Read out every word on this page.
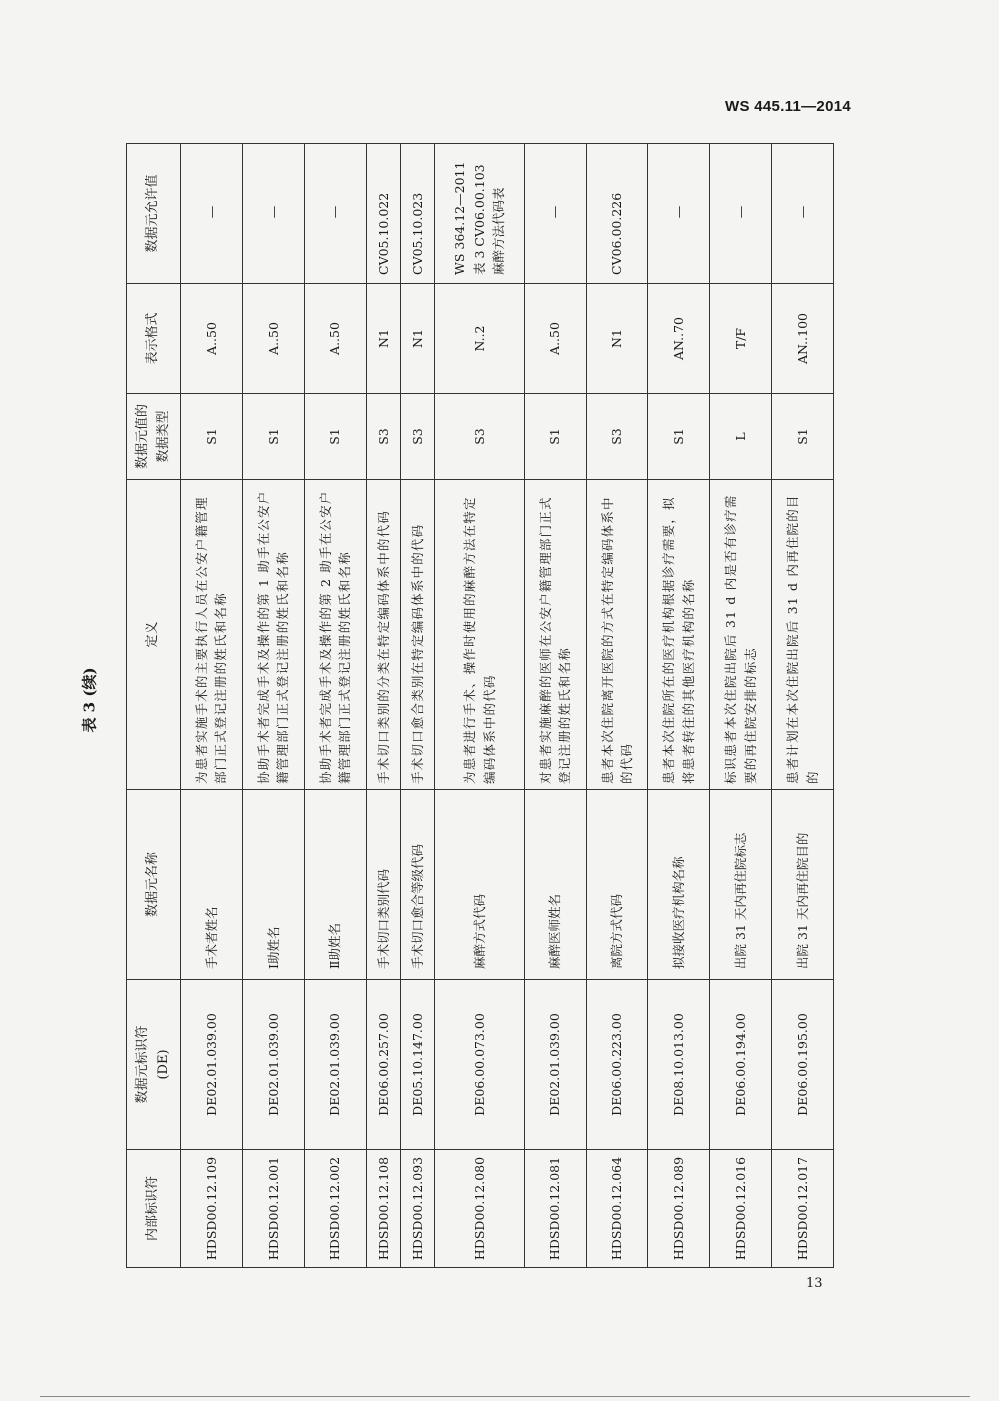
WS 445.11—2014
表 3 (续)
内部标识符	数据元标识符
(DE)	数据元名称	定义	数据元值的
数据类型	表示格式	数据元允许值
HDSD00.12.109	DE02.01.039.00	手术者姓名	为患者实施手术的主要执行人员在公安户籍管理部门正式登记注册的姓氏和名称	S1	A..50	—
HDSD00.12.001	DE02.01.039.00	Ⅰ助姓名	协助手术者完成手术及操作的第 1 助手在公安户籍管理部门正式登记注册的姓氏和名称	S1	A..50	—
HDSD00.12.002	DE02.01.039.00	Ⅱ助姓名	协助手术者完成手术及操作的第 2 助手在公安户籍管理部门正式登记注册的姓氏和名称	S1	A..50	—
HDSD00.12.108	DE06.00.257.00	手术切口类别代码	手术切口类别的分类在特定编码体系中的代码	S3	N1	CV05.10.022
HDSD00.12.093	DE05.10.147.00	手术切口愈合等级代码	手术切口愈合类别在特定编码体系中的代码	S3	N1	CV05.10.023
HDSD00.12.080	DE06.00.073.00	麻醉方式代码	为患者进行手术、操作时使用的麻醉方法在特定编码体系中的代码	S3	N..2	WS 364.12—2011 表 3 CV06.00.103 麻醉方法代码表
HDSD00.12.081	DE02.01.039.00	麻醉医师姓名	对患者实施麻醉的医师在公安户籍管理部门正式登记注册的姓氏和名称	S1	A..50	—
HDSD00.12.064	DE06.00.223.00	离院方式代码	患者本次住院离开医院的方式在特定编码体系中的代码	S3	N1	CV06.00.226
HDSD00.12.089	DE08.10.013.00	拟接收医疗机构名称	患者本次住院所在的医疗机构根据诊疗需要，拟将患者转往的其他医疗机构的名称	S1	AN..70	—
HDSD00.12.016	DE06.00.194.00	出院 31 天内再住院标志	标识患者本次住院出院后 31 d 内是否有诊疗需要的再住院安排的标志	L	T/F	—
HDSD00.12.017	DE06.00.195.00	出院 31 天内再住院目的	患者计划在本次住院出院后 31 d 内再住院的目的	S1	AN..100	—
13
